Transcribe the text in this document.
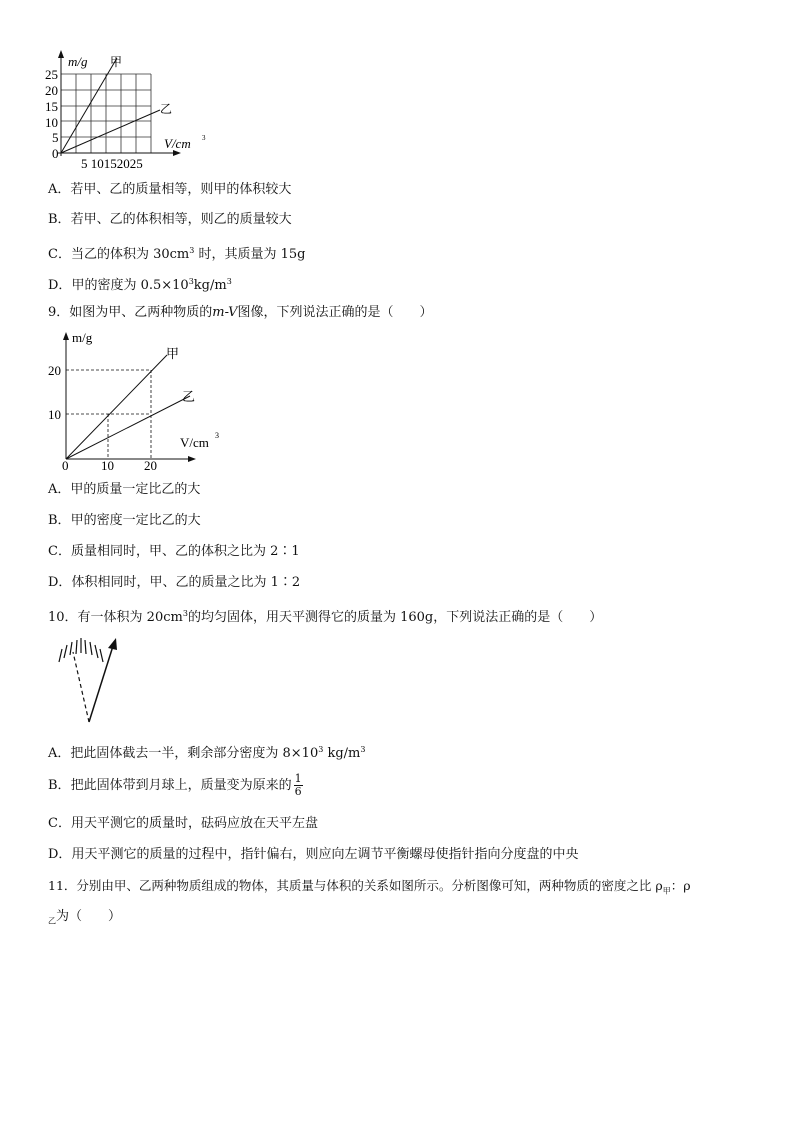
m/g 甲
乙
25
20
15
10
5
0
5 10152025
V/cm 3
A．若甲、乙的质量相等，则甲的体积较大
B．若甲、乙的体积相等，则乙的质量较大
C．当乙的体积为 $30cm^3$ 时，其质量为 15g
D．甲的密度为 $0.5\times 10^3kg/m^3$
9．如图为甲、乙两种物质的m-V图像，下列说法正确的是（　　）
m/g
甲
乙
20
10
0	10 20
V/cm 3
A．甲的质量一定比乙的大
B．甲的密度一定比乙的大
C．质量相同时，甲、乙的体积之比为 2∶1
D．体积相同时，甲、乙的质量之比为 1∶2
10．有一体积为 $20cm^3$的均匀固体，用天平测得它的质量为 160g，下列说法正确的是（　　）
A．把此固体截去一半，剩余部分密度为 $8\times 10^3$ $kg/m^3$
B．把此固体带到月球上，质量变为原来的 $\frac{1}{6}$
C．用天平测它的质量时，砝码应放在天平左盘
D．用天平测它的质量的过程中，指针偏右，则应向左调节平衡螺母使指针指向分度盘的中央
11．分别由甲、乙两种物质组成的物体，其质量与体积的关系如图所示。分析图像可知，两种物质的密度之比 $\rho_甲$：ρ
$_乙$为（　　）
